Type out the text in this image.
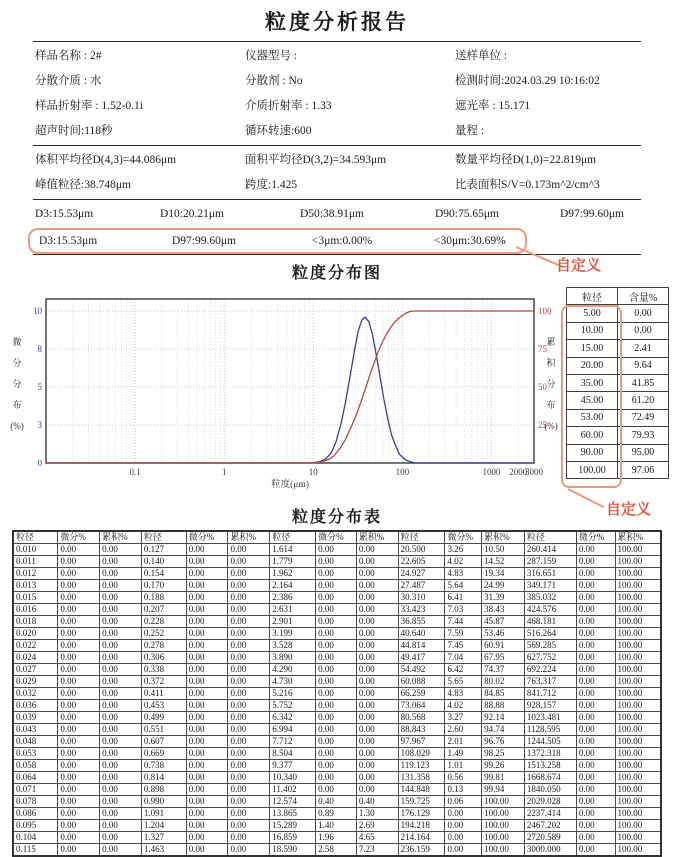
粒度分析报告
样品名称 : 2#	仪器型号 :	送样单位 :
分散介质 : 水	分散剂 : No	检测时间:2024.03.29 10:16:02
样品折射率 : 1.52-0.1i	介质折射率 : 1.33	遮光率 : 15.171
超声时间:118秒	循环转速:600	量程 :
体积平均径D(4,3)=44.086μm	面积平均径D(3,2)=34.593μm	数量平均径D(1,0)=22.819μm
峰值粒径:38.748μm	跨度:1.425	比表面积S/V=0.173m^2/cm^3
D3:15.53μm	D10:20.21μm	D50:38.91μm	D90:75.65μm	D97:99.60μm
D3:15.53μm	D97:99.60μm	<3μm:0.00%	<30μm:30.69%
自定义
粒度分布图
0
3
5
8
10
25
50
75
100
0.1	1	10	100	1000 2000
3000
粒度(μm)
微
分
分
布
(%)
累
积
分
布
(%)
粒径	含量%
5.00	0.00
10.00	0.00
15.00	2.41
20.00	9.64
35.00	41.85
45.00	61.20
53.00	72.49
60.00	79.93
90.00	95.00
100.00	97.06
自定义
粒度分布表
粒径	微分%	累积%	粒径	微分%	累积%	粒径	微分%	累积%	粒径	微分%	累积%	粒径	微分%	累积%
0.010	0.00	0.00	0.127	0.00	0.00	1.614	0.00	0.00	20.500	3.26	10.50	260.414	0.00	100.00
0.011	0.00	0.00	0.140	0.00	0.00	1.779	0.00	0.00	22.605	4.02	14.52	287.159	0.00	100.00
0.012	0.00	0.00	0.154	0.00	0.00	1.962	0.00	0.00	24.927	4.83	19.34	316.651	0.00	100.00
0.013	0.00	0.00	0.170	0.00	0.00	2.164	0.00	0.00	27.487	5.64	24.99	349.171	0.00	100.00
0.015	0.00	0.00	0.188	0.00	0.00	2.386	0.00	0.00	30.310	6.41	31.39	385.032	0.00	100.00
0.016	0.00	0.00	0.207	0.00	0.00	2.631	0.00	0.00	33.423	7.03	38.43	424.576	0.00	100.00
0.018	0.00	0.00	0.228	0.00	0.00	2.901	0.00	0.00	36.855	7.44	45.87	468.181	0.00	100.00
0.020	0.00	0.00	0.252	0.00	0.00	3.199	0.00	0.00	40.640	7.59	53.46	516.264	0.00	100.00
0.022	0.00	0.00	0.278	0.00	0.00	3.528	0.00	0.00	44.814	7.45	60.91	569.285	0.00	100.00
0.024	0.00	0.00	0.306	0.00	0.00	3.890	0.00	0.00	49.417	7.04	67.95	627.752	0.00	100.00
0.027	0.00	0.00	0.338	0.00	0.00	4.290	0.00	0.00	54.492	6.42	74.37	692.224	0.00	100.00
0.029	0.00	0.00	0.372	0.00	0.00	4.730	0.00	0.00	60.088	5.65	80.02	763.317	0.00	100.00
0.032	0.00	0.00	0.411	0.00	0.00	5.216	0.00	0.00	66.259	4.83	84.85	841.712	0.00	100.00
0.036	0.00	0.00	0.453	0.00	0.00	5.752	0.00	0.00	73.064	4.02	88.88	928.157	0.00	100.00
0.039	0.00	0.00	0.499	0.00	0.00	6.342	0.00	0.00	80.568	3.27	92.14	1023.481	0.00	100.00
0.043	0.00	0.00	0.551	0.00	0.00	6.994	0.00	0.00	88.843	2.60	94.74	1128.595	0.00	100.00
0.048	0.00	0.00	0.607	0.00	0.00	7.712	0.00	0.00	97.967	2.01	96.76	1244.505	0.00	100.00
0.053	0.00	0.00	0.669	0.00	0.00	8.504	0.00	0.00	108.029	1.49	98.25	1372.318	0.00	100.00
0.058	0.00	0.00	0.738	0.00	0.00	9.377	0.00	0.00	119.123	1.01	99.26	1513.258	0.00	100.00
0.064	0.00	0.00	0.814	0.00	0.00	10.340	0.00	0.00	131.358	0.56	99.81	1668.674	0.00	100.00
0.071	0.00	0.00	0.898	0.00	0.00	11.402	0.00	0.00	144.848	0.13	99.94	1840.050	0.00	100.00
0.078	0.00	0.00	0.990	0.00	0.00	12.574	0.40	0.40	159.725	0.06	100.00	2029.028	0.00	100.00
0.086	0.00	0.00	1.091	0.00	0.00	13.865	0.89	1.30	176.129	0.00	100.00	2237.414	0.00	100.00
0.095	0.00	0.00	1.204	0.00	0.00	15.289	1.40	2.69	194.218	0.00	100.00	2467.202	0.00	100.00
0.104	0.00	0.00	1.327	0.00	0.00	16.859	1.96	4.65	214.164	0.00	100.00	2720.589	0.00	100.00
0.115	0.00	0.00	1.463	0.00	0.00	18.590	2.58	7.23	236.159	0.00	100.00	3000.000	0.00	100.00
